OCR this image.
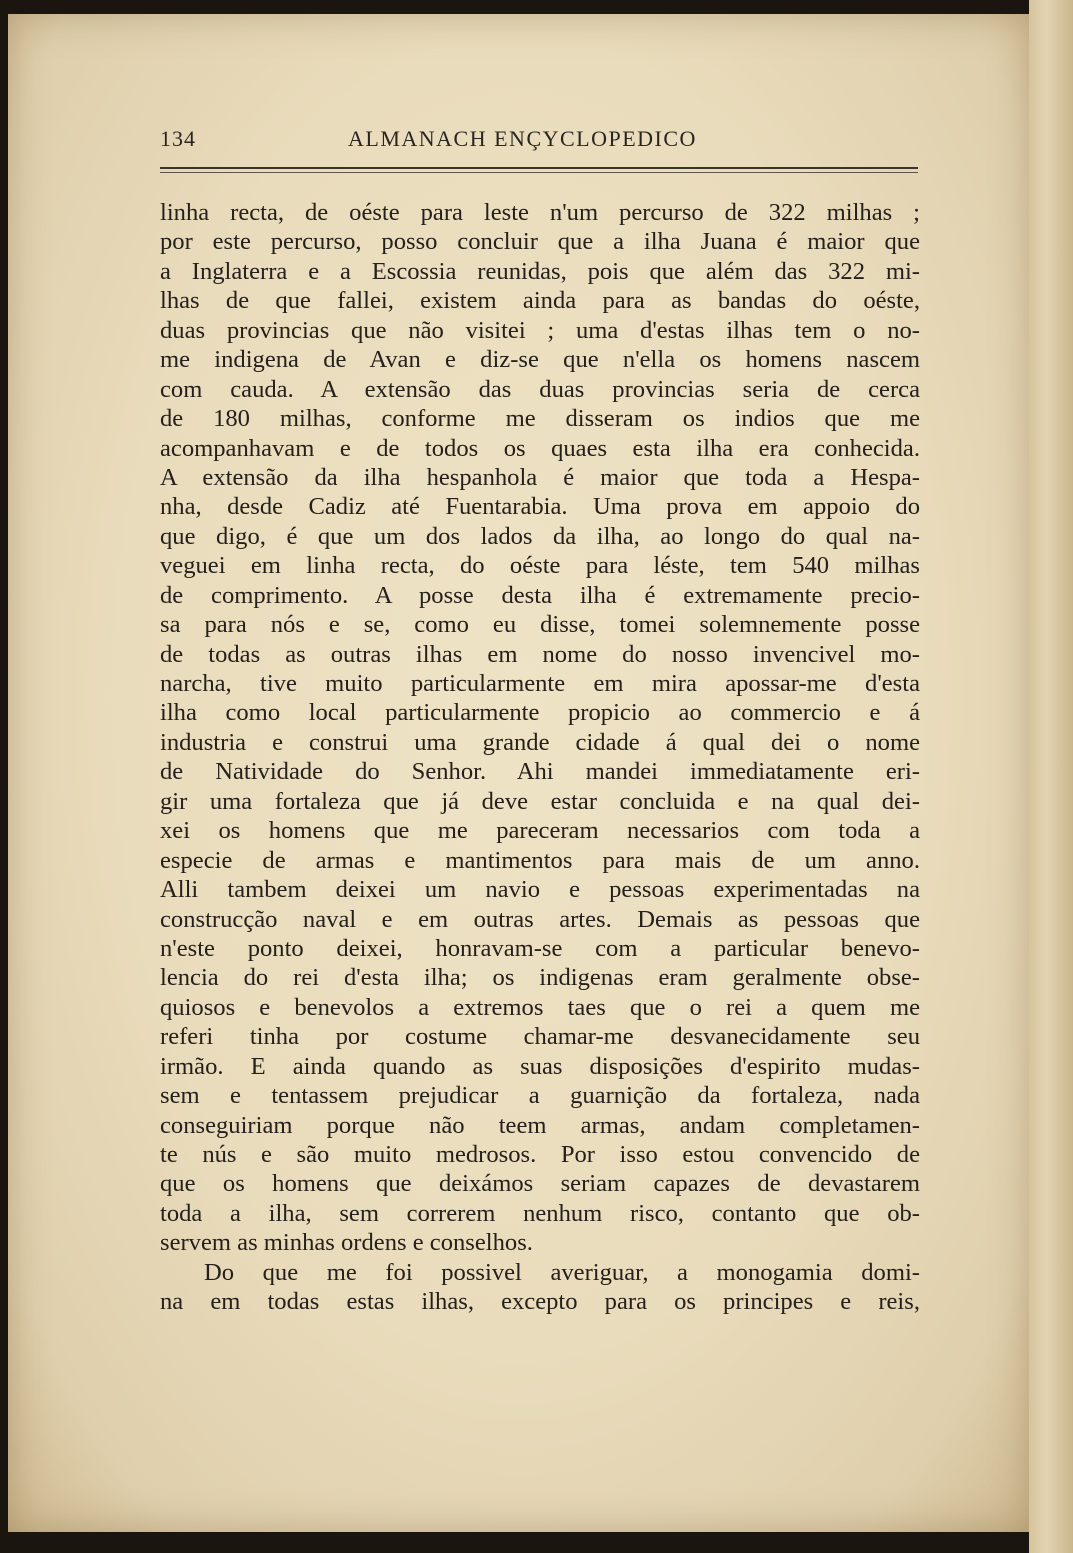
134	ALMANACH ENÇYCLOPEDICO
linha recta, de oéste para leste n'um percurso de 322 milhas ;
por este percurso, posso concluir que a ilha Juana é maior que
a Inglaterra e a Escossia reunidas, pois que além das 322 mi-
lhas de que fallei, existem ainda para as bandas do oéste,
duas provincias que não visitei ; uma d'estas ilhas tem o no-
me indigena de Avan e diz-se que n'ella os homens nascem
com cauda. A extensão das duas provincias seria de cerca
de 180 milhas, conforme me disseram os indios que me
acompanhavam e de todos os quaes esta ilha era conhecida.
A extensão da ilha hespanhola é maior que toda a Hespa-
nha, desde Cadiz até Fuentarabia. Uma prova em appoio do
que digo, é que um dos lados da ilha, ao longo do qual na-
veguei em linha recta, do oéste para léste, tem 540 milhas
de comprimento. A posse desta ilha é extremamente precio-
sa para nós e se, como eu disse, tomei solemnemente posse
de todas as outras ilhas em nome do nosso invencivel mo-
narcha, tive muito particularmente em mira apossar-me d'esta
ilha como local particularmente propicio ao commercio e á
industria e construi uma grande cidade á qual dei o nome
de Natividade do Senhor. Ahi mandei immediatamente eri-
gir uma fortaleza que já deve estar concluida e na qual dei-
xei os homens que me pareceram necessarios com toda a
especie de armas e mantimentos para mais de um anno.
Alli tambem deixei um navio e pessoas experimentadas na
construcção naval e em outras artes. Demais as pessoas que
n'este ponto deixei, honravam-se com a particular benevo-
lencia do rei d'esta ilha; os indigenas eram geralmente obse-
quiosos e benevolos a extremos taes que o rei a quem me
referi tinha por costume chamar-me desvanecidamente seu
irmão. E ainda quando as suas disposições d'espirito mudas-
sem e tentassem prejudicar a guarnição da fortaleza, nada
conseguiriam porque não teem armas, andam completamen-
te nús e são muito medrosos. Por isso estou convencido de
que os homens que deixámos seriam capazes de devastarem
toda a ilha, sem correrem nenhum risco, contanto que ob-
servem as minhas ordens e conselhos.
Do que me foi possivel averiguar, a monogamia domi-
na em todas estas ilhas, excepto para os principes e reis,
